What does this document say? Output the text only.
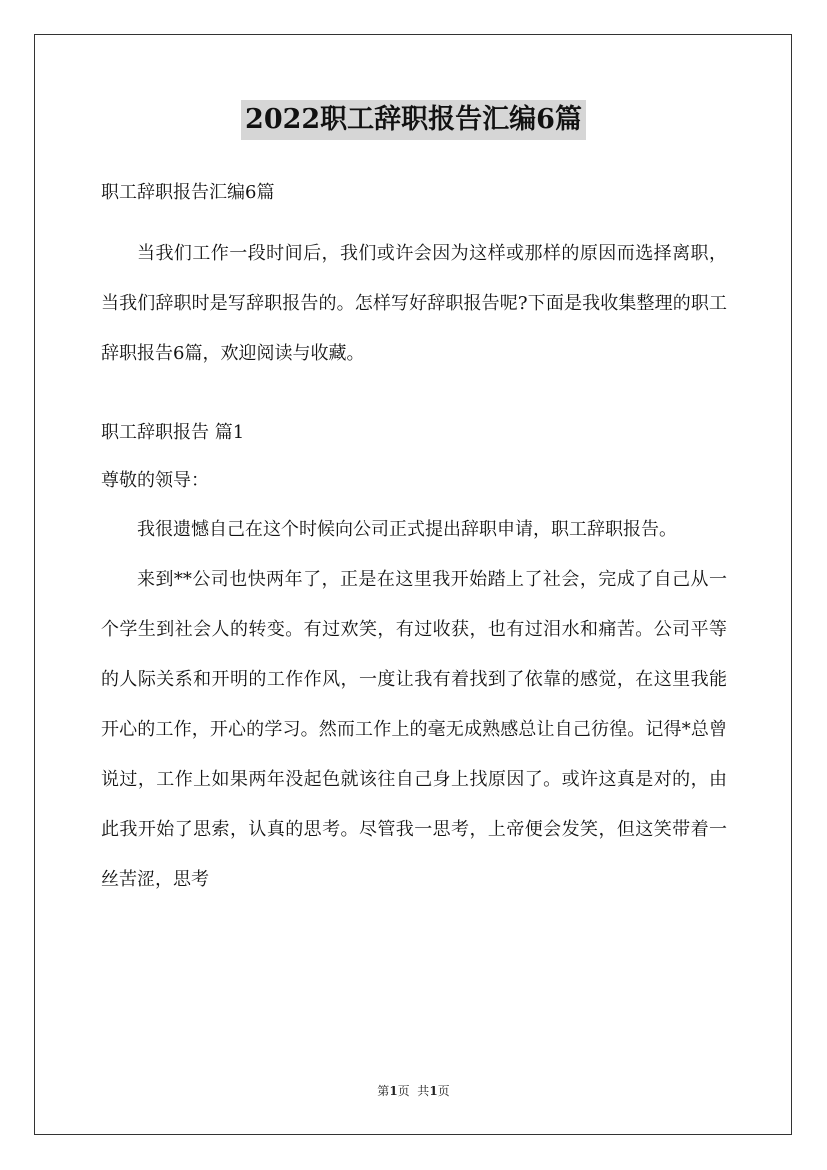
2022职工辞职报告汇编6篇

职工辞职报告汇编6篇

当我们工作一段时间后，我们或许会因为这样或那样的原因而选择离职，当我们辞职时是写辞职报告的。怎样写好辞职报告呢?下面是我收集整理的职工辞职报告6篇，欢迎阅读与收藏。

职工辞职报告 篇1

尊敬的领导：

我很遗憾自己在这个时候向公司正式提出辞职申请，职工辞职报告。

来到**公司也快两年了，正是在这里我开始踏上了社会，完成了自己从一个学生到社会人的转变。有过欢笑，有过收获，也有过泪水和痛苦。公司平等的人际关系和开明的工作作风，一度让我有着找到了依靠的感觉，在这里我能开心的工作，开心的学习。然而工作上的毫无成熟感总让自己彷徨。记得*总曾说过，工作上如果两年没起色就该往自己身上找原因了。或许这真是对的，由此我开始了思索，认真的思考。尽管我一思考，上帝便会发笑，但这笑带着一丝苦涩，思考

第1页  共1页
